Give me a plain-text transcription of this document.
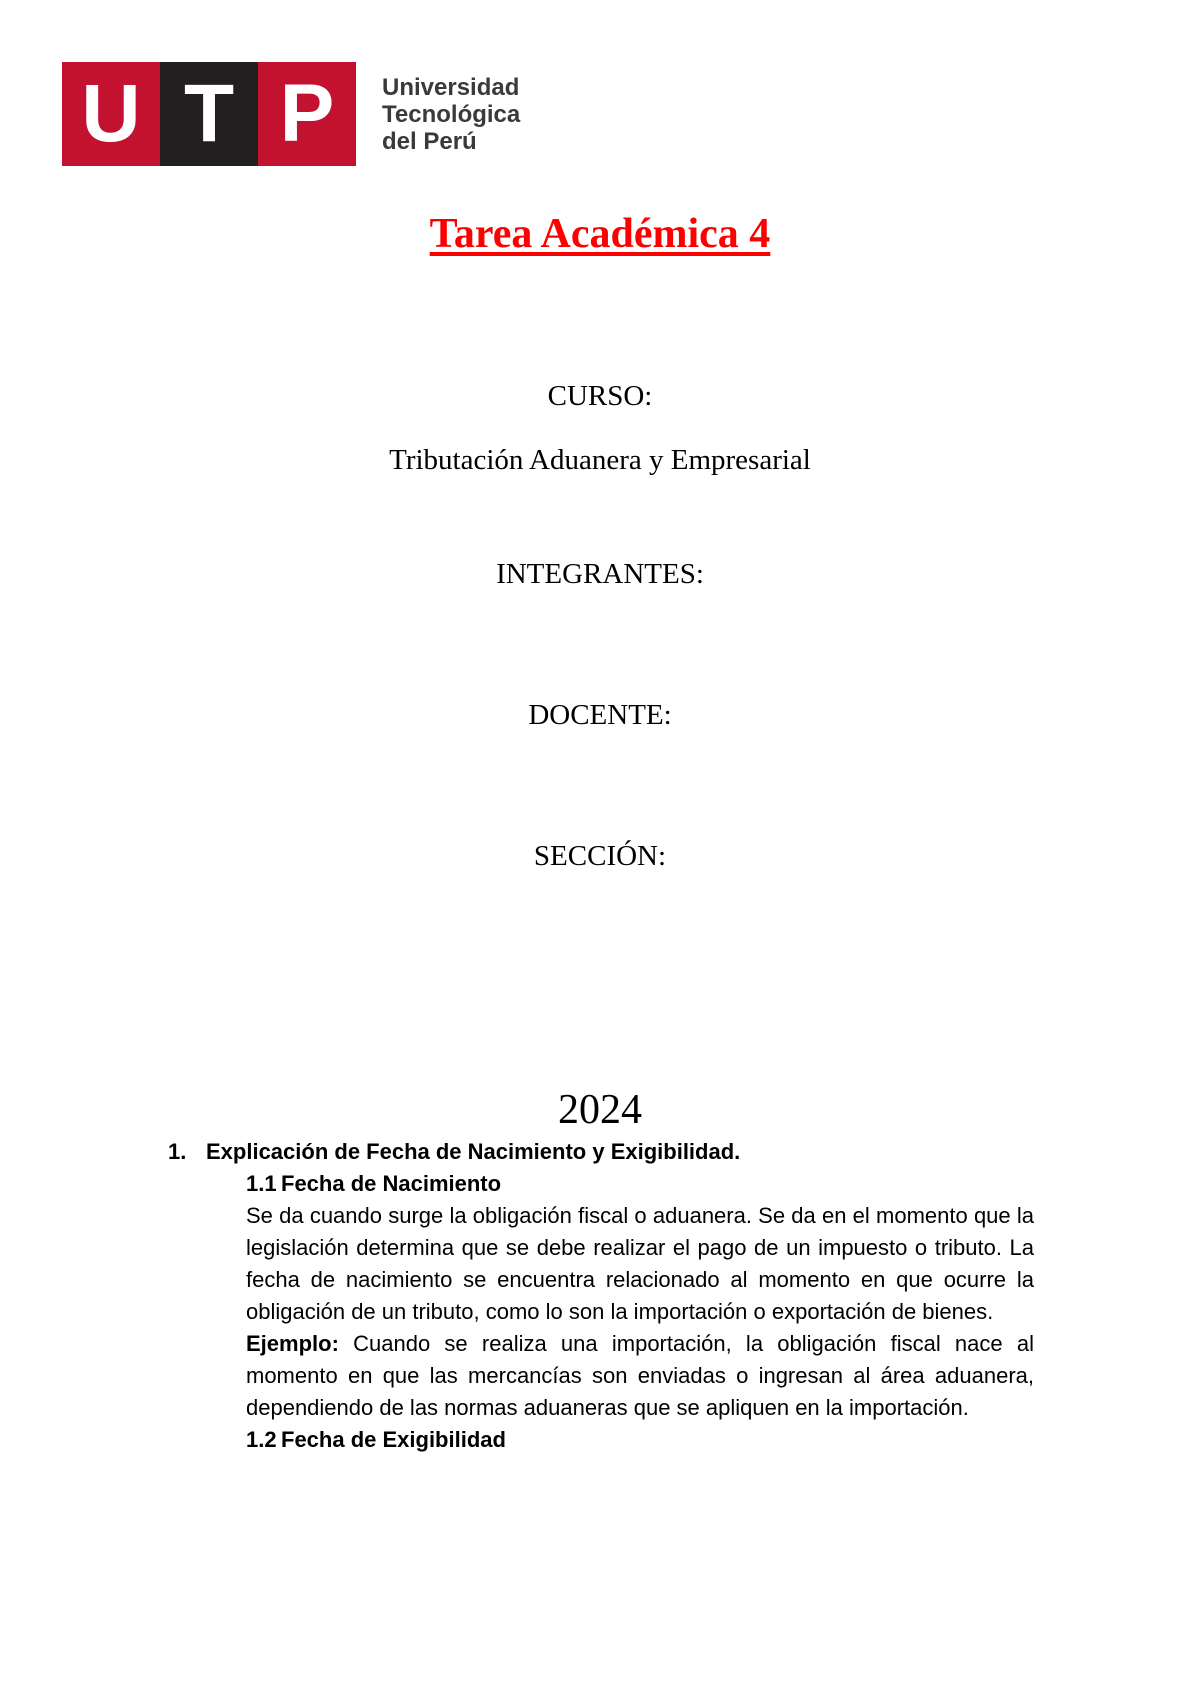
U T P	Universidad
Tecnológica
del Perú
Tarea Académica 4
CURSO:
Tributación Aduanera y Empresarial
INTEGRANTES:
DOCENTE:
SECCIÓN:
2024
1. Explicación de Fecha de Nacimiento y Exigibilidad.
1.1 Fecha de Nacimiento
Se da cuando surge la obligación fiscal o aduanera. Se da en el momento que la legislación determina que se debe realizar el pago de un impuesto o tributo. La fecha de nacimiento se encuentra relacionado al momento en que ocurre la obligación de un tributo, como lo son la importación o exportación de bienes.
Ejemplo: Cuando se realiza una importación, la obligación fiscal nace al momento en que las mercancías son enviadas o ingresan al área aduanera, dependiendo de las normas aduaneras que se apliquen en la importación.
1.2 Fecha de Exigibilidad
